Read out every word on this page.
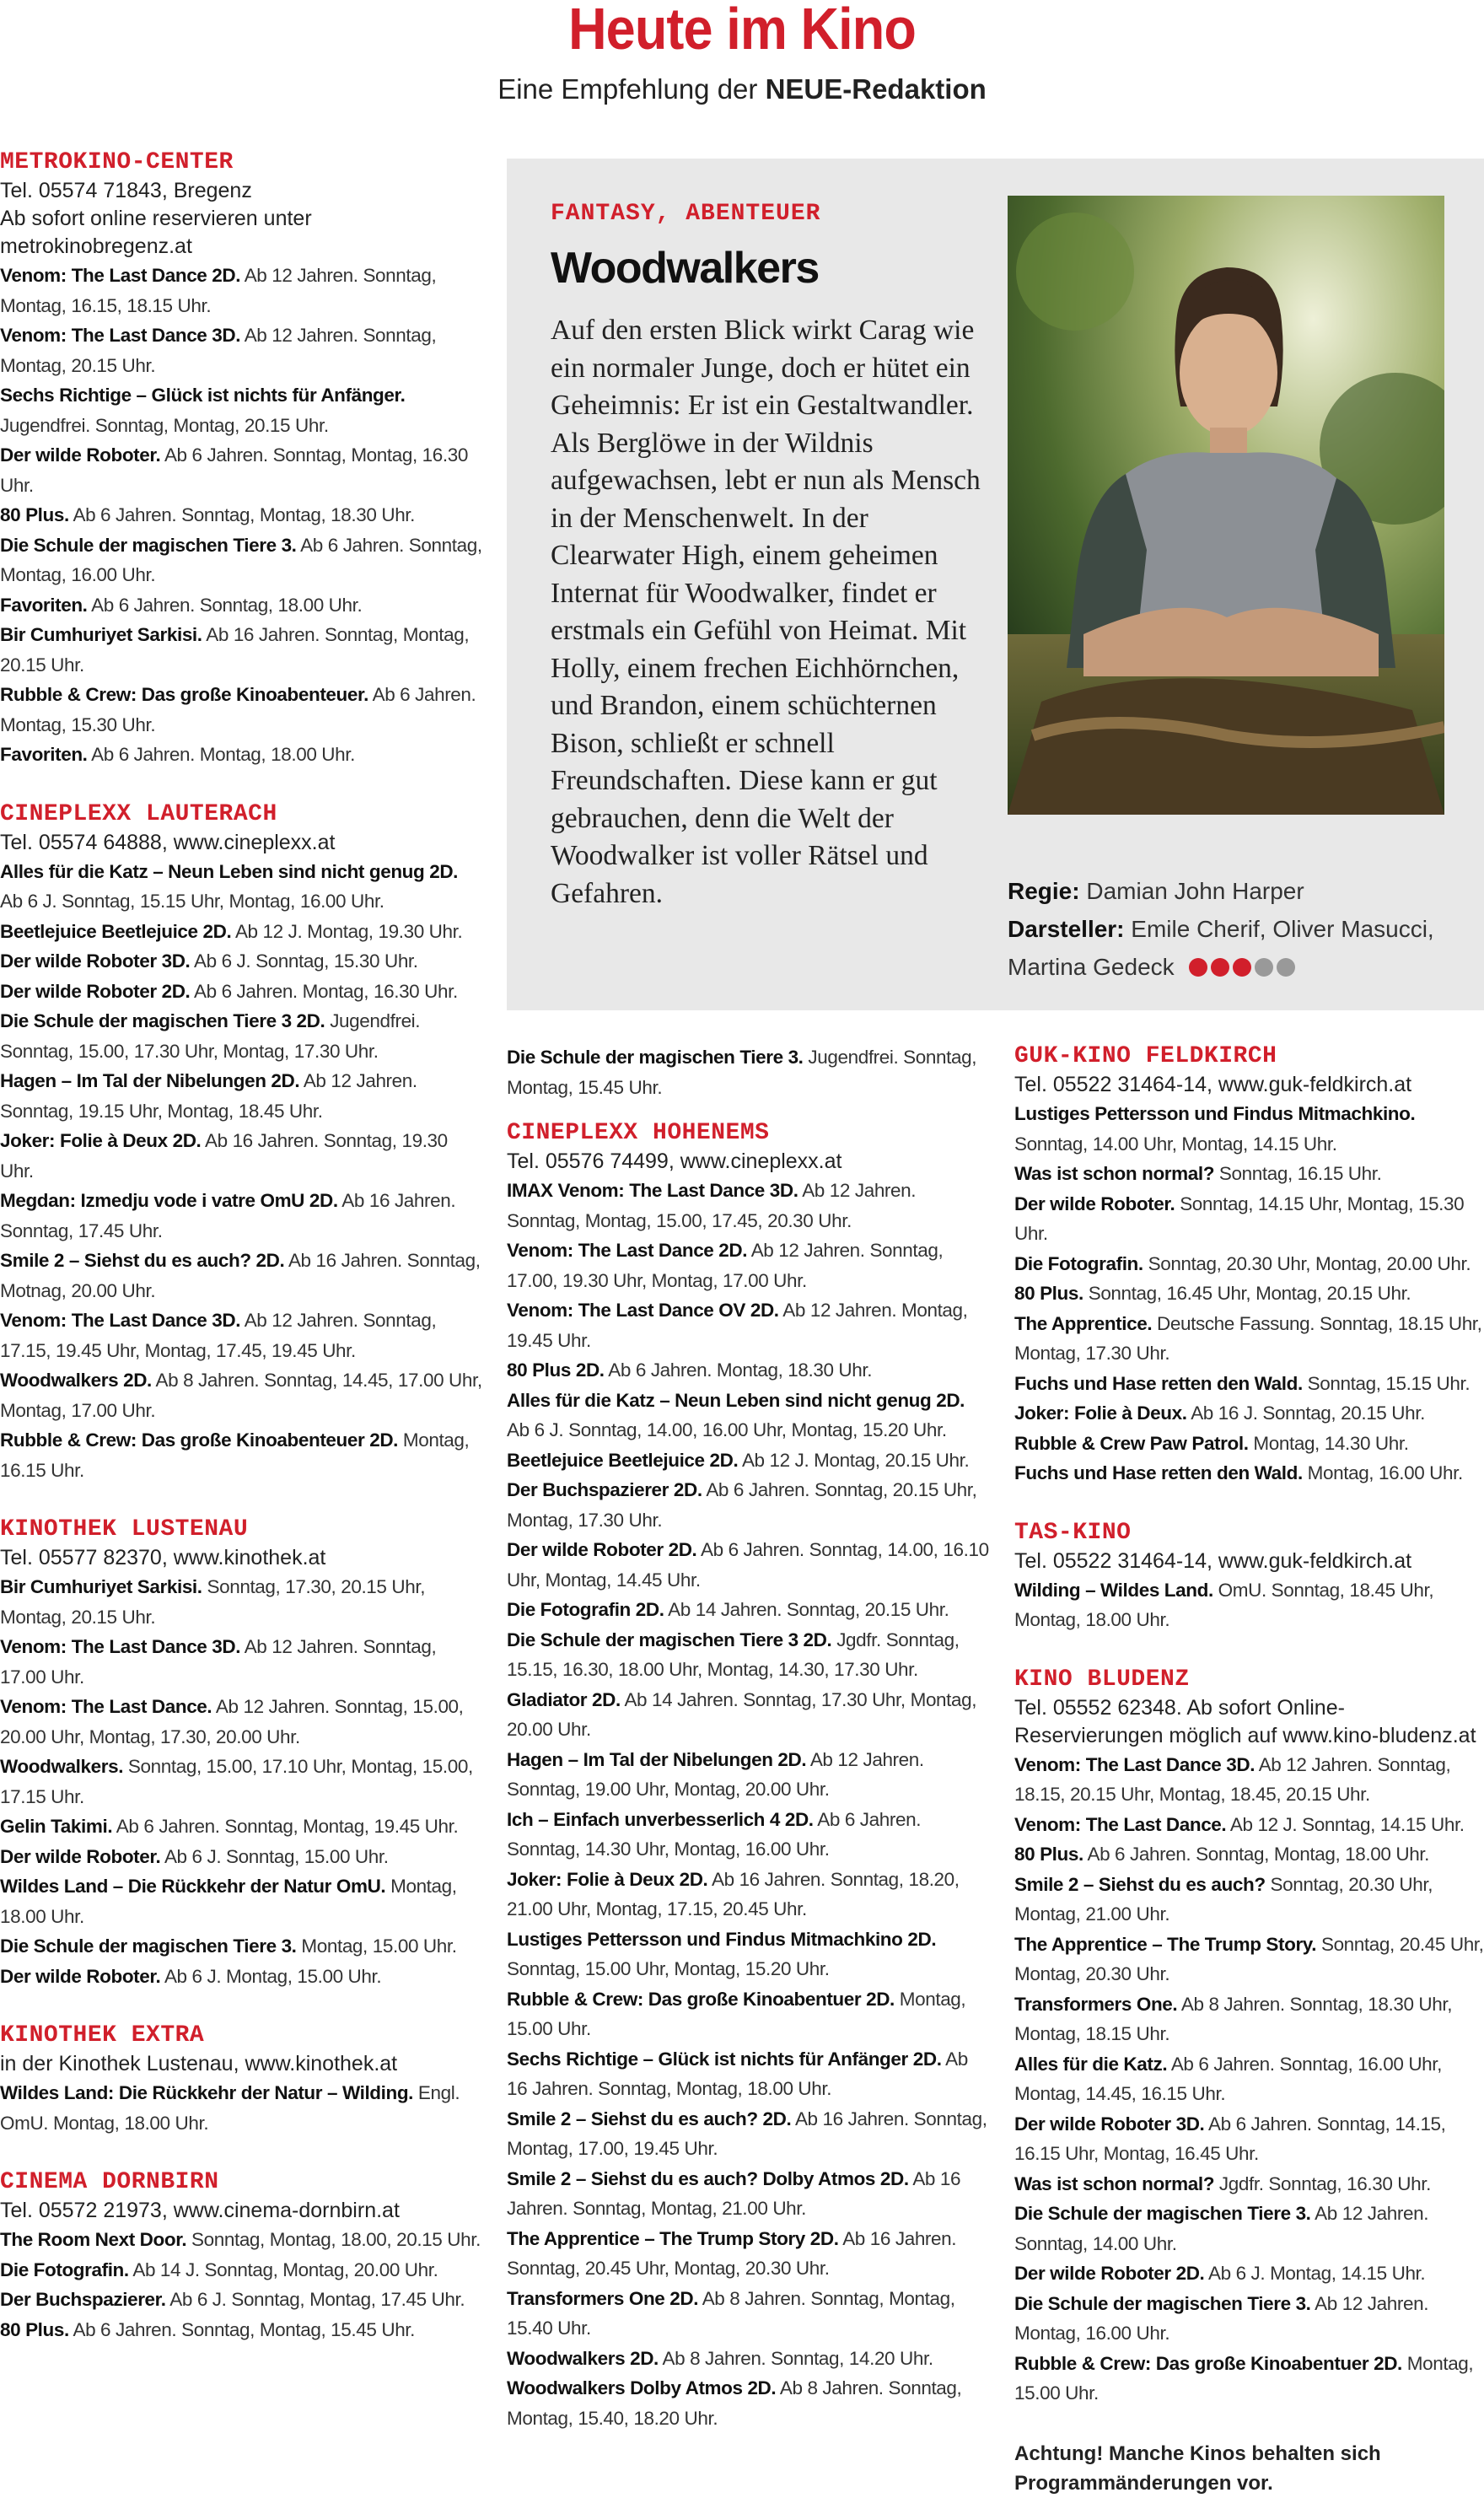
Heute im Kino
Eine Empfehlung der NEUE-Redaktion
METROKINO-CENTER
Tel. 05574 71843, Bregenz
Ab sofort online reservieren unter
metrokinobregenz.at
Venom: The Last Dance 2D. Ab 12 Jahren. Sonntag, Montag, 16.15, 18.15 Uhr.
Venom: The Last Dance 3D. Ab 12 Jahren. Sonntag, Montag, 20.15 Uhr.
Sechs Richtige – Glück ist nichts für Anfänger. Jugendfrei. Sonntag, Montag, 20.15 Uhr.
Der wilde Roboter. Ab 6 Jahren. Sonntag, Montag, 16.30 Uhr.
80 Plus. Ab 6 Jahren. Sonntag, Montag, 18.30 Uhr.
Die Schule der magischen Tiere 3. Ab 6 Jahren. Sonntag, Montag, 16.00 Uhr.
Favoriten. Ab 6 Jahren. Sonntag, 18.00 Uhr.
Bir Cumhuriyet Sarkisi. Ab 16 Jahren. Sonntag, Montag, 20.15 Uhr.
Rubble & Crew: Das große Kinoabenteuer. Ab 6 Jahren. Montag, 15.30 Uhr.
Favoriten. Ab 6 Jahren. Montag, 18.00 Uhr.
CINEPLEXX LAUTERACH
Tel. 05574 64888, www.cineplexx.at
Alles für die Katz – Neun Leben sind nicht genug 2D. Ab 6 J. Sonntag, 15.15 Uhr, Montag, 16.00 Uhr.
Beetlejuice Beetlejuice 2D. Ab 12 J. Montag, 19.30 Uhr.
Der wilde Roboter 3D. Ab 6 J. Sonntag, 15.30 Uhr.
Der wilde Roboter 2D. Ab 6 Jahren. Montag, 16.30 Uhr.
Die Schule der magischen Tiere 3 2D. Jugendfrei. Sonntag, 15.00, 17.30 Uhr, Montag, 17.30 Uhr.
Hagen – Im Tal der Nibelungen 2D. Ab 12 Jahren. Sonntag, 19.15 Uhr, Montag, 18.45 Uhr.
Joker: Folie à Deux 2D. Ab 16 Jahren. Sonntag, 19.30 Uhr.
Megdan: Izmedju vode i vatre OmU 2D. Ab 16 Jahren. Sonntag, 17.45 Uhr.
Smile 2 – Siehst du es auch? 2D. Ab 16 Jahren. Sonntag, Motnag, 20.00 Uhr.
Venom: The Last Dance 3D. Ab 12 Jahren. Sonntag, 17.15, 19.45 Uhr, Montag, 17.45, 19.45 Uhr.
Woodwalkers 2D. Ab 8 Jahren. Sonntag, 14.45, 17.00 Uhr, Montag, 17.00 Uhr.
Rubble & Crew: Das große Kinoabenteuer 2D. Montag, 16.15 Uhr.
KINOTHEK LUSTENAU
Tel. 05577 82370, www.kinothek.at
Bir Cumhuriyet Sarkisi. Sonntag, 17.30, 20.15 Uhr, Montag, 20.15 Uhr.
Venom: The Last Dance 3D. Ab 12 Jahren. Sonntag, 17.00 Uhr.
Venom: The Last Dance. Ab 12 Jahren. Sonntag, 15.00, 20.00 Uhr, Montag, 17.30, 20.00 Uhr.
Woodwalkers. Sonntag, 15.00, 17.10 Uhr, Montag, 15.00, 17.15 Uhr.
Gelin Takimi. Ab 6 Jahren. Sonntag, Montag, 19.45 Uhr.
Der wilde Roboter. Ab 6 J. Sonntag, 15.00 Uhr.
Wildes Land – Die Rückkehr der Natur OmU. Montag, 18.00 Uhr.
Die Schule der magischen Tiere 3. Montag, 15.00 Uhr.
Der wilde Roboter. Ab 6 J. Montag, 15.00 Uhr.
KINOTHEK EXTRA
in der Kinothek Lustenau, www.kinothek.at
Wildes Land: Die Rückkehr der Natur – Wilding. Engl. OmU. Montag, 18.00 Uhr.
CINEMA DORNBIRN
Tel. 05572 21973, www.cinema-dornbirn.at
The Room Next Door. Sonntag, Montag, 18.00, 20.15 Uhr.
Die Fotografin. Ab 14 J. Sonntag, Montag, 20.00 Uhr.
Der Buchspazierer. Ab 6 J. Sonntag, Montag, 17.45 Uhr.
80 Plus. Ab 6 Jahren. Sonntag, Montag, 15.45 Uhr.
FANTASY, ABENTEUER
Woodwalkers
Auf den ersten Blick wirkt Carag wie ein normaler Junge, doch er hütet ein Geheimnis: Er ist ein Gestaltwandler. Als Berglöwe in der Wildnis aufgewachsen, lebt er nun als Mensch in der Menschenwelt. In der Clearwater High, einem geheimen Internat für Woodwalker, findet er erstmals ein Gefühl von Heimat. Mit Holly, einem frechen Eichhörnchen, und Brandon, einem schüchternen Bison, schließt er schnell Freundschaften. Diese kann er gut gebrauchen, denn die Welt der Woodwalker ist voller Rätsel und Gefahren.	Regie: Damian John Harper
Darsteller: Emile Cherif, Oliver Masucci, Martina Gedeck
Die Schule der magischen Tiere 3. Jugendfrei. Sonntag, Montag, 15.45 Uhr.
CINEPLEXX HOHENEMS
Tel. 05576 74499, www.cineplexx.at
IMAX Venom: The Last Dance 3D. Ab 12 Jahren. Sonntag, Montag, 15.00, 17.45, 20.30 Uhr.
Venom: The Last Dance 2D. Ab 12 Jahren. Sonntag, 17.00, 19.30 Uhr, Montag, 17.00 Uhr.
Venom: The Last Dance OV 2D. Ab 12 Jahren. Montag, 19.45 Uhr.
80 Plus 2D. Ab 6 Jahren. Montag, 18.30 Uhr.
Alles für die Katz – Neun Leben sind nicht genug 2D. Ab 6 J. Sonntag, 14.00, 16.00 Uhr, Montag, 15.20 Uhr.
Beetlejuice Beetlejuice 2D. Ab 12 J. Montag, 20.15 Uhr.
Der Buchspazierer 2D. Ab 6 Jahren. Sonntag, 20.15 Uhr, Montag, 17.30 Uhr.
Der wilde Roboter 2D. Ab 6 Jahren. Sonntag, 14.00, 16.10 Uhr, Montag, 14.45 Uhr.
Die Fotografin 2D. Ab 14 Jahren. Sonntag, 20.15 Uhr.
Die Schule der magischen Tiere 3 2D. Jgdfr. Sonntag, 15.15, 16.30, 18.00 Uhr, Montag, 14.30, 17.30 Uhr.
Gladiator 2D. Ab 14 Jahren. Sonntag, 17.30 Uhr, Montag, 20.00 Uhr.
Hagen – Im Tal der Nibelungen 2D. Ab 12 Jahren. Sonntag, 19.00 Uhr, Montag, 20.00 Uhr.
Ich – Einfach unverbesserlich 4 2D. Ab 6 Jahren. Sonntag, 14.30 Uhr, Montag, 16.00 Uhr.
Joker: Folie à Deux 2D. Ab 16 Jahren. Sonntag, 18.20, 21.00 Uhr, Montag, 17.15, 20.45 Uhr.
Lustiges Pettersson und Findus Mitmachkino 2D. Sonntag, 15.00 Uhr, Montag, 15.20 Uhr.
Rubble & Crew: Das große Kinoabentuer 2D. Montag, 15.00 Uhr.
Sechs Richtige – Glück ist nichts für Anfänger 2D. Ab 16 Jahren. Sonntag, Montag, 18.00 Uhr.
Smile 2 – Siehst du es auch? 2D. Ab 16 Jahren. Sonntag, Montag, 17.00, 19.45 Uhr.
Smile 2 – Siehst du es auch? Dolby Atmos 2D. Ab 16 Jahren. Sonntag, Montag, 21.00 Uhr.
The Apprentice – The Trump Story 2D. Ab 16 Jahren. Sonntag, 20.45 Uhr, Montag, 20.30 Uhr.
Transformers One 2D. Ab 8 Jahren. Sonntag, Montag, 15.40 Uhr.
Woodwalkers 2D. Ab 8 Jahren. Sonntag, 14.20 Uhr.
Woodwalkers Dolby Atmos 2D. Ab 8 Jahren. Sonntag, Montag, 15.40, 18.20 Uhr.
GUK-KINO FELDKIRCH
Tel. 05522 31464-14, www.guk-feldkirch.at
Lustiges Pettersson und Findus Mitmachkino. Sonntag, 14.00 Uhr, Montag, 14.15 Uhr.
Was ist schon normal? Sonntag, 16.15 Uhr.
Der wilde Roboter. Sonntag, 14.15 Uhr, Montag, 15.30 Uhr.
Die Fotografin. Sonntag, 20.30 Uhr, Montag, 20.00 Uhr.
80 Plus. Sonntag, 16.45 Uhr, Montag, 20.15 Uhr.
The Apprentice. Deutsche Fassung. Sonntag, 18.15 Uhr, Montag, 17.30 Uhr.
Fuchs und Hase retten den Wald. Sonntag, 15.15 Uhr.
Joker: Folie à Deux. Ab 16 J. Sonntag, 20.15 Uhr.
Rubble & Crew Paw Patrol. Montag, 14.30 Uhr.
Fuchs und Hase retten den Wald. Montag, 16.00 Uhr.
TAS-KINO
Tel. 05522 31464-14, www.guk-feldkirch.at
Wilding – Wildes Land. OmU. Sonntag, 18.45 Uhr, Montag, 18.00 Uhr.
KINO BLUDENZ
Tel. 05552 62348. Ab sofort Online-Reservierungen möglich auf www.kino-bludenz.at
Venom: The Last Dance 3D. Ab 12 Jahren. Sonntag, 18.15, 20.15 Uhr, Montag, 18.45, 20.15 Uhr.
Venom: The Last Dance. Ab 12 J. Sonntag, 14.15 Uhr.
80 Plus. Ab 6 Jahren. Sonntag, Montag, 18.00 Uhr.
Smile 2 – Siehst du es auch? Sonntag, 20.30 Uhr, Montag, 21.00 Uhr.
The Apprentice – The Trump Story. Sonntag, 20.45 Uhr, Montag, 20.30 Uhr.
Transformers One. Ab 8 Jahren. Sonntag, 18.30 Uhr, Montag, 18.15 Uhr.
Alles für die Katz. Ab 6 Jahren. Sonntag, 16.00 Uhr, Montag, 14.45, 16.15 Uhr.
Der wilde Roboter 3D. Ab 6 Jahren. Sonntag, 14.15, 16.15 Uhr, Montag, 16.45 Uhr.
Was ist schon normal? Jgdfr. Sonntag, 16.30 Uhr.
Die Schule der magischen Tiere 3. Ab 12 Jahren. Sonntag, 14.00 Uhr.
Der wilde Roboter 2D. Ab 6 J. Montag, 14.15 Uhr.
Die Schule der magischen Tiere 3. Ab 12 Jahren. Montag, 16.00 Uhr.
Rubble & Crew: Das große Kinoabentuer 2D. Montag, 15.00 Uhr.
Achtung! Manche Kinos behalten sich Programmänderungen vor.
